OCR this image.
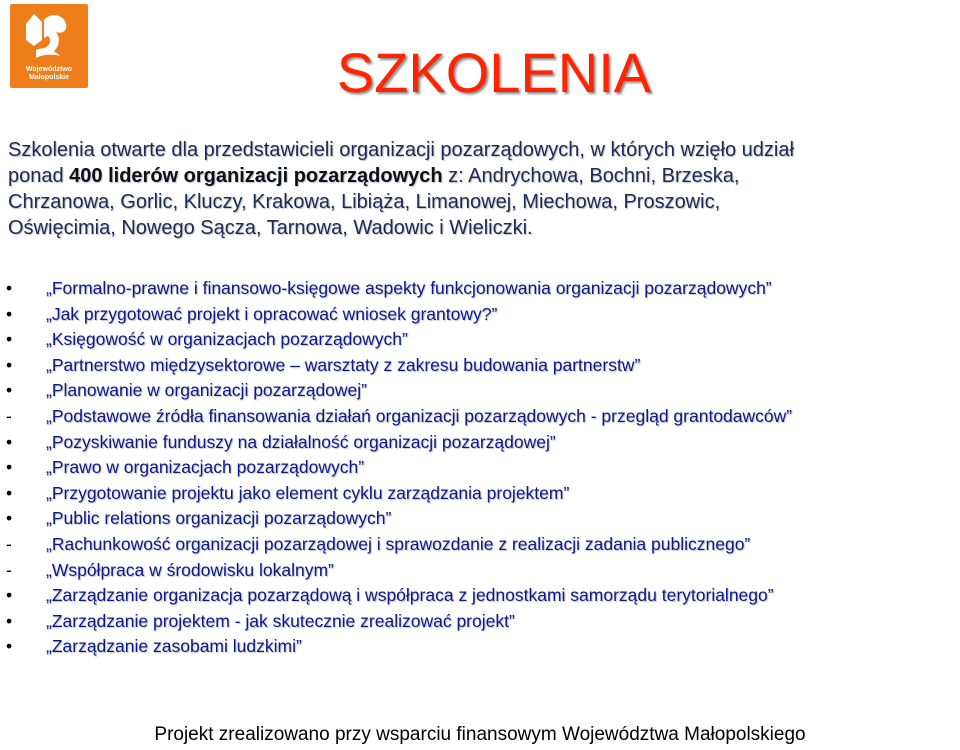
Województwo
Małopolskie	SZKOLENIA
Szkolenia otwarte dla przedstawicieli organizacji pozarządowych, w których wzięło udział
ponad 400 liderów organizacji pozarządowych z: Andrychowa, Bochni, Brzeska,
Chrzanowa, Gorlic, Kluczy, Krakowa, Libiąża, Limanowej, Miechowa, Proszowic,
Oświęcimia, Nowego Sącza, Tarnowa, Wadowic i Wieliczki.
•	„Formalno-prawne i finansowo-księgowe aspekty funkcjonowania organizacji pozarządowych”
•	„Jak przygotować projekt i opracować wniosek grantowy?”
•	„Księgowość w organizacjach pozarządowych”
•	„Partnerstwo międzysektorowe – warsztaty z zakresu budowania partnerstw”
•	„Planowanie w organizacji pozarządowej”
-	„Podstawowe źródła finansowania działań organizacji pozarządowych - przegląd grantodawców”
•	„Pozyskiwanie funduszy na działalność organizacji pozarządowej”
•	„Prawo w organizacjach pozarządowych”
•	„Przygotowanie projektu jako element cyklu zarządzania projektem”
•	„Public relations organizacji pozarządowych”
-	„Rachunkowość organizacji pozarządowej i sprawozdanie z realizacji zadania publicznego”
-	„Współpraca w środowisku lokalnym”
•	„Zarządzanie organizacja pozarządową i współpraca z jednostkami samorządu terytorialnego”
•	„Zarządzanie projektem - jak skutecznie zrealizować projekt”
•	„Zarządzanie zasobami ludzkimi”
Projekt zrealizowano przy wsparciu finansowym Województwa Małopolskiego
